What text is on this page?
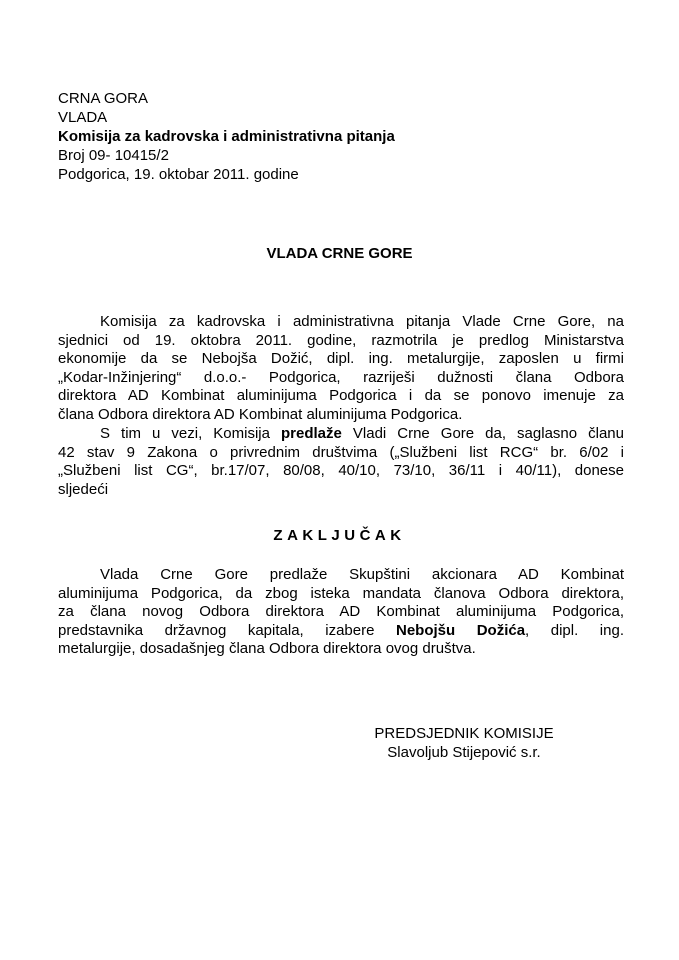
CRNA GORA
VLADA
Komisija za kadrovska i administrativna pitanja
Broj 09- 10415/2
Podgorica, 19. oktobar 2011. godine
VLADA CRNE GORE
Komisija za kadrovska i administrativna pitanja Vlade Crne Gore, na
sjednici od 19. oktobra 2011. godine, razmotrila je predlog Ministarstva
ekonomije da se Nebojša Dožić, dipl. ing. metalurgije, zaposlen u firmi
„Kodar-Inžinjering“ d.o.o.- Podgorica, razriješi dužnosti člana Odbora
direktora AD Kombinat aluminijuma Podgorica i da se ponovo imenuje za
člana Odbora direktora AD Kombinat aluminijuma Podgorica.
S tim u vezi, Komisija predlaže Vladi Crne Gore da, saglasno članu
42 stav 9 Zakona o privrednim društvima („Službeni list RCG“ br. 6/02 i
„Službeni list CG“, br.17/07, 80/08, 40/10, 73/10, 36/11 i 40/11), donese
sljedeći
ZAKLJUČAK
Vlada Crne Gore predlaže Skupštini akcionara AD Kombinat
aluminijuma Podgorica, da zbog isteka mandata članova Odbora direktora,
za člana novog Odbora direktora AD Kombinat aluminijuma Podgorica,
predstavnika državnog kapitala, izabere Nebojšu Dožića, dipl. ing.
metalurgije, dosadašnjeg člana Odbora direktora ovog društva.
PREDSJEDNIK KOMISIJE
Slavoljub Stijepović s.r.
